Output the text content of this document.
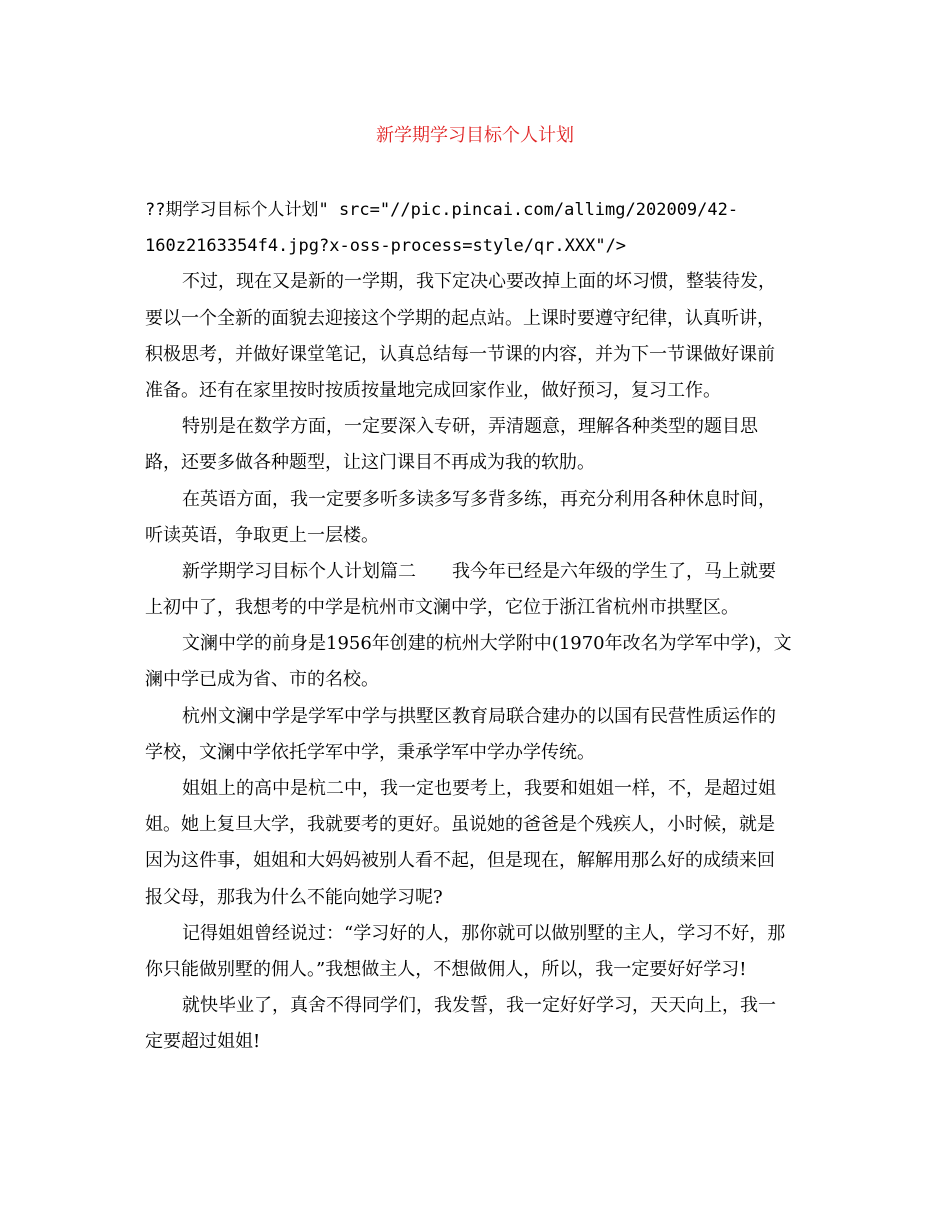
新学期学习目标个人计划
??期学习目标个人计划" src="//pic.pincai.com/allimg/202009/42-
160z2163354f4.jpg?x-oss-process=style/qr.XXX"/>
不过，现在又是新的一学期，我下定决心要改掉上面的坏习惯，整装待发，
要以一个全新的面貌去迎接这个学期的起点站。上课时要遵守纪律，认真听讲，
积极思考，并做好课堂笔记，认真总结每一节课的内容，并为下一节课做好课前
准备。还有在家里按时按质按量地完成回家作业，做好预习，复习工作。
特别是在数学方面，一定要深入专研，弄清题意，理解各种类型的题目思
路，还要多做各种题型，让这门课目不再成为我的软肋。
在英语方面，我一定要多听多读多写多背多练，再充分利用各种休息时间，
听读英语，争取更上一层楼。
新学期学习目标个人计划篇二 我今年已经是六年级的学生了，马上就要
上初中了，我想考的中学是杭州市文澜中学，它位于浙江省杭州市拱墅区。
文澜中学的前身是1956年创建的杭州大学附中(1970年改名为学军中学)，文
澜中学已成为省、市的名校。
杭州文澜中学是学军中学与拱墅区教育局联合建办的以国有民营性质运作的
学校，文澜中学依托学军中学，秉承学军中学办学传统。
姐姐上的高中是杭二中，我一定也要考上，我要和姐姐一样，不，是超过姐
姐。她上复旦大学，我就要考的更好。虽说她的爸爸是个残疾人，小时候，就是
因为这件事，姐姐和大妈妈被别人看不起，但是现在，解解用那么好的成绩来回
报父母，那我为什么不能向她学习呢?
记得姐姐曾经说过：“学习好的人，那你就可以做别墅的主人，学习不好，那
你只能做别墅的佣人。”我想做主人，不想做佣人，所以，我一定要好好学习!
就快毕业了，真舍不得同学们，我发誓，我一定好好学习，天天向上，我一
定要超过姐姐!
